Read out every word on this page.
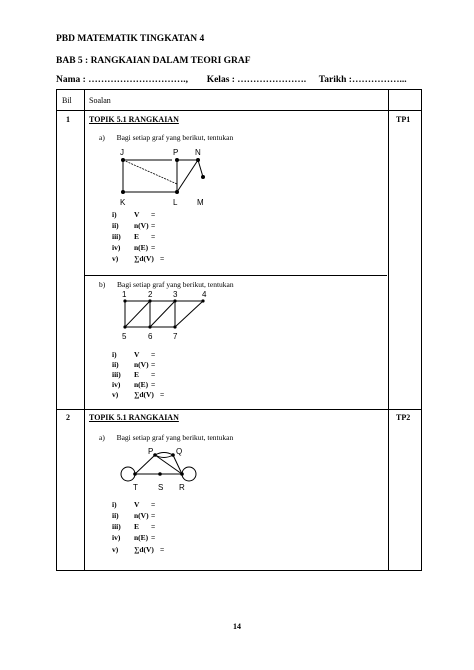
PBD MATEMATIK TINGKATAN 4
BAB 5 : RANGKAIAN DALAM TEORI GRAF
Nama : …………………………., Kelas : …………………. Tarikh :……………...
Bil Soalan
1 TOPIK 5.1 RANGKAIAN	TP1
a) Bagi setiap graf yang berikut, tentukan
J	P N
K	L M
i) V =
ii) n(V) =
iii) E =
iv) n(E) =
v) ∑d(V) =
b) Bagi setiap graf yang berikut, tentukan
1	2	3	4
5	6	7
i) V =
ii) n(V) =
iii) E =
iv) n(E) =
v) ∑d(V) =
2 TOPIK 5.1 RANGKAIAN	TP2
a) Bagi setiap graf yang berikut, tentukan
P	Q
T	S R
i) V =
ii) n(V) =
iii) E =
iv) n(E) =
v) ∑d(V) =
14
